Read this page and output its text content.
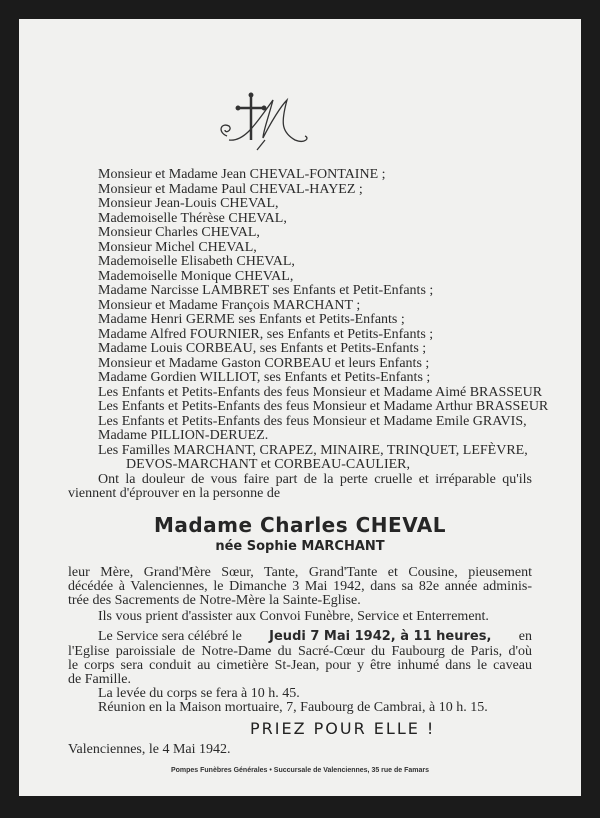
Monsieur et Madame Jean CHEVAL-FONTAINE ;
Monsieur et Madame Paul CHEVAL-HAYEZ ;
Monsieur Jean-Louis CHEVAL,
Mademoiselle Thérèse CHEVAL,
Monsieur Charles CHEVAL,
Monsieur Michel CHEVAL,
Mademoiselle Elisabeth CHEVAL,
Mademoiselle Monique CHEVAL,
Madame Narcisse LAMBRET ses Enfants et Petit-Enfants ;
Monsieur et Madame François MARCHANT ;
Madame Henri GERME ses Enfants et Petits-Enfants ;
Madame Alfred FOURNIER, ses Enfants et Petits-Enfants ;
Madame Louis CORBEAU, ses Enfants et Petits-Enfants ;
Monsieur et Madame Gaston CORBEAU et leurs Enfants ;
Madame Gordien WILLIOT, ses Enfants et Petits-Enfants ;
Les Enfants et Petits-Enfants des feus Monsieur et Madame Aimé BRASSEUR
Les Enfants et Petits-Enfants des feus Monsieur et Madame Arthur BRASSEUR
Les Enfants et Petits-Enfants des feus Monsieur et Madame Emile GRAVIS,
Madame PILLION-DERUEZ.
Les Familles MARCHANT, CRAPEZ, MINAIRE, TRINQUET, LEFÈVRE,
DEVOS-MARCHANT et CORBEAU-CAULIER,
Ont la douleur de vous faire part de la perte cruelle et irréparable qu'ils
viennent d'éprouver en la personne de
Madame Charles CHEVAL
née Sophie MARCHANT
leur Mère, Grand'Mère Sœur, Tante, Grand'Tante et Cousine, pieusement
décédée à Valenciennes, le Dimanche 3 Mai 1942, dans sa 82e année adminis-
trée des Sacrements de Notre-Mère la Sainte-Eglise.
Ils vous prient d'assister aux Convoi Funèbre, Service et Enterrement.
Le Service sera célébré le Jeudi 7 Mai 1942, à 11 heures, en
l'Eglise paroissiale de Notre-Dame du Sacré-Cœur du Faubourg de Paris, d'où
le corps sera conduit au cimetière St-Jean, pour y être inhumé dans le caveau
de Famille.
La levée du corps se fera à 10 h. 45.
Réunion en la Maison mortuaire, 7, Faubourg de Cambrai, à 10 h. 15.
PRIEZ POUR ELLE !
Valenciennes, le 4 Mai 1942.
Pompes Funèbres Générales • Succursale de Valenciennes, 35 rue de Famars
